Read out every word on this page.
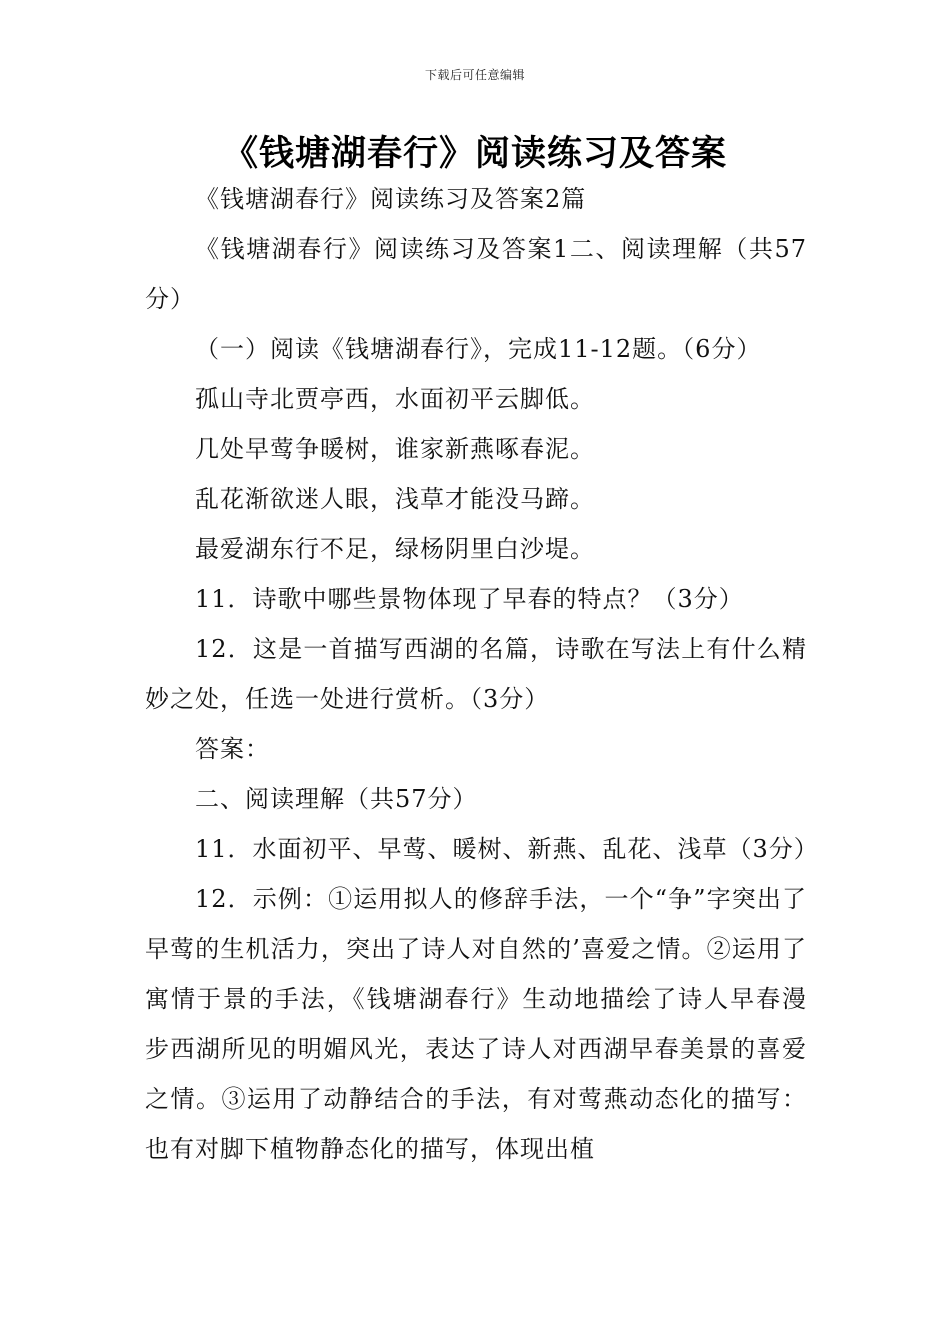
下载后可任意编辑
《钱塘湖春行》阅读练习及答案

《钱塘湖春行》阅读练习及答案2篇

《钱塘湖春行》阅读练习及答案1二、阅读理解（共57分）

（一）阅读《钱塘湖春行》，完成11-12题。（6分）

孤山寺北贾亭西，水面初平云脚低。

几处早莺争暖树，谁家新燕啄春泥。

乱花渐欲迷人眼，浅草才能没马蹄。

最爱湖东行不足，绿杨阴里白沙堤。

11．诗歌中哪些景物体现了早春的特点？（3分）

12．这是一首描写西湖的名篇，诗歌在写法上有什么精妙之处，任选一处进行赏析。（3分）

答案：

二、阅读理解（共57分）

11．水面初平、早莺、暖树、新燕、乱花、浅草（3分）

12．示例：①运用拟人的修辞手法，一个“争”字突出了早莺的生机活力，突出了诗人对自然的’喜爱之情。②运用了寓情于景的手法，《钱塘湖春行》生动地描绘了诗人早春漫步西湖所见的明媚风光，表达了诗人对西湖早春美景的喜爱之情。③运用了动静结合的手法，有对莺燕动态化的描写：也有对脚下植物静态化的描写，体现出植
